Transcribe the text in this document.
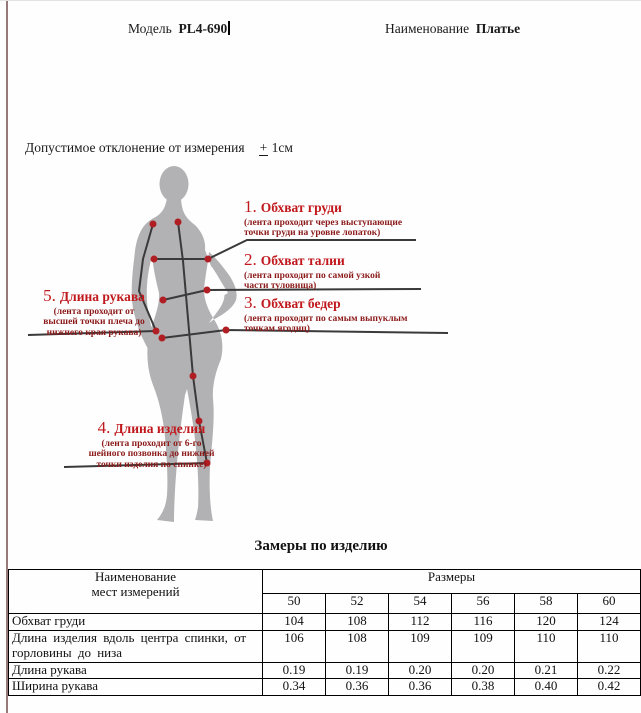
Модель PL4-690	Наименование Платье
Допустимое отклонение от измерения + 1см
1. Обхват груди
(лента проходит через выступающие
точки груди на уровне лопаток)
2. Обхват талии
(лента проходит по самой узкой
части туловища)
3. Обхват бедер
(лента проходит по самым выпуклым
точкам ягодиц)
5. Длина рукава
(лента проходит от
высшей точки плеча до
нижнего края рукава)
4. Длина изделия
(лента проходит от 6-го
шейного позвонка до нижней
точки изделия по спинке)
Замеры по изделию
Наименование
мест измерений	Размеры					
	50	52	54	56	58	60
Обхват груди	104	108	112	116	120	124
Длина изделия вдоль центра спинки, от горловины до низа	106	108	109	109	110	110
Длина рукава	0.19	0.19	0.20	0.20	0.21	0.22
Ширина рукава	0.34	0.36	0.36	0.38	0.40	0.42
